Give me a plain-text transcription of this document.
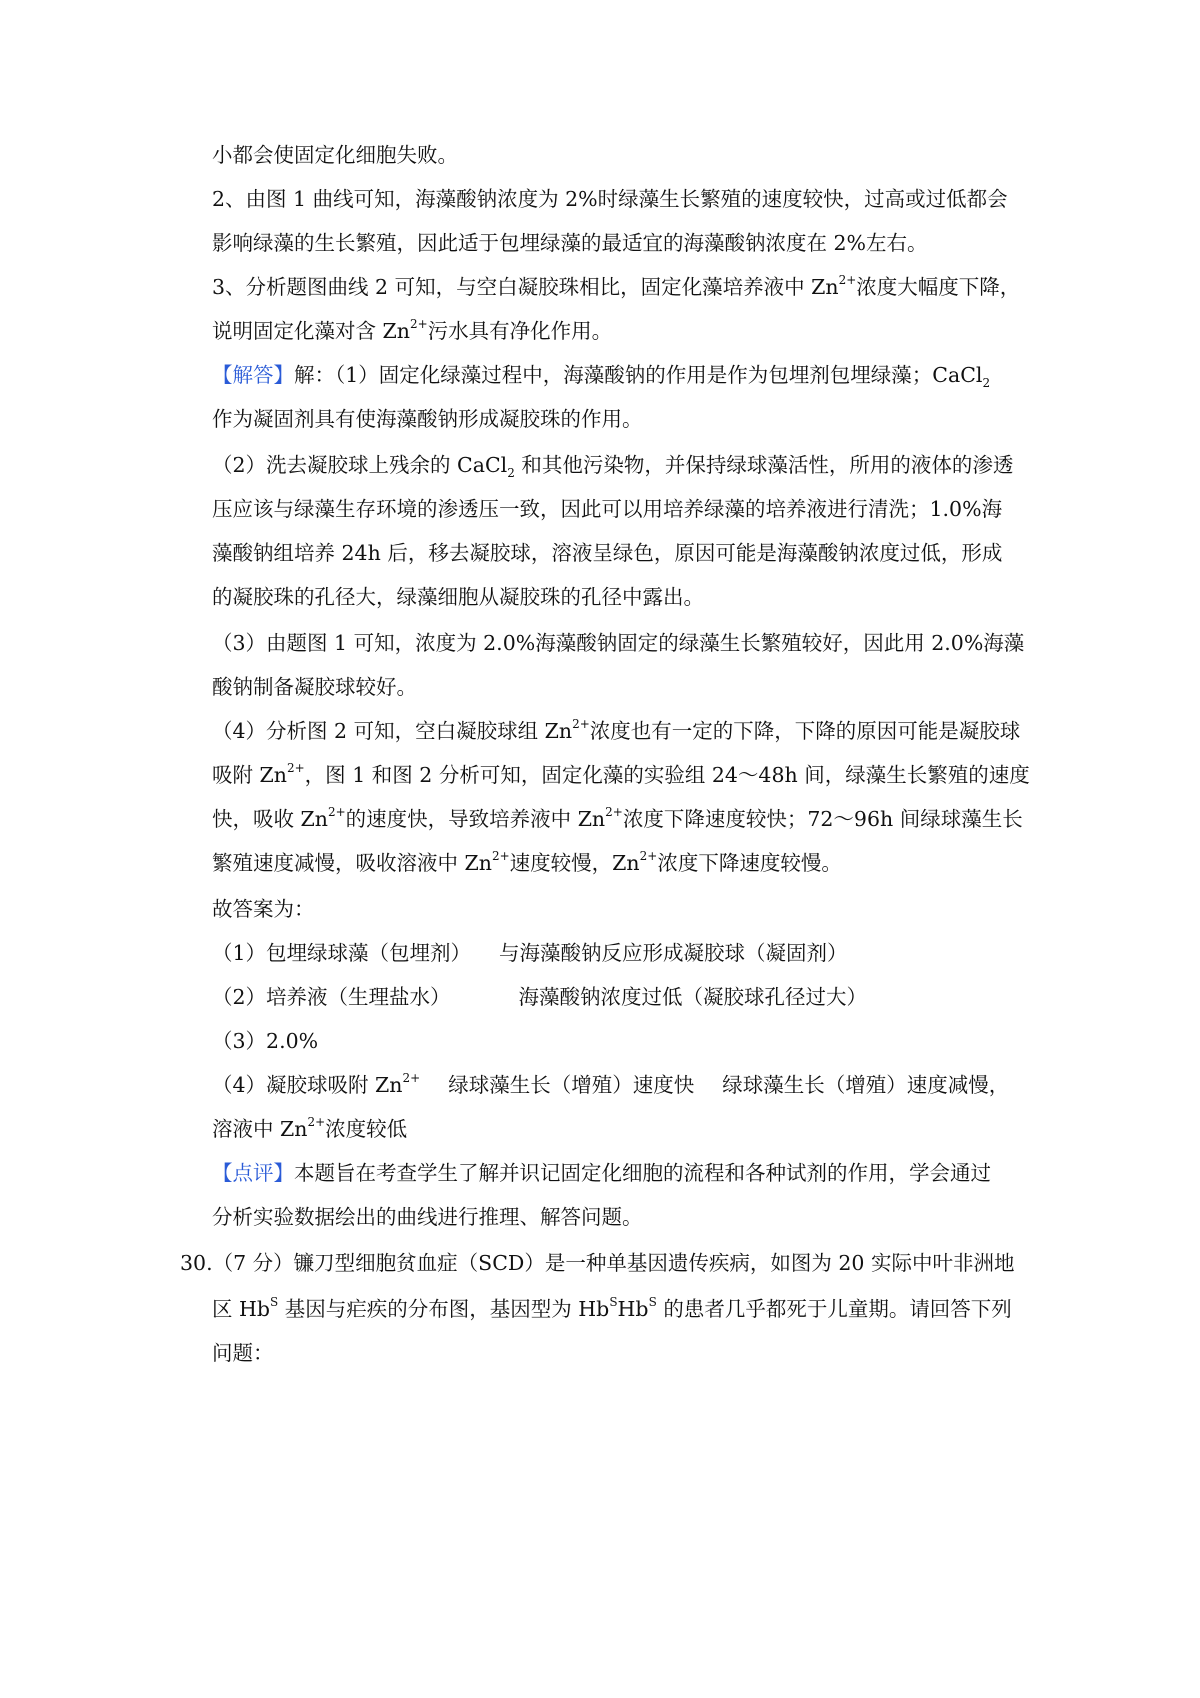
小都会使固定化细胞失败。
2、由图 1 曲线可知，海藻酸钠浓度为 2%时绿藻生长繁殖的速度较快，过高或过低都会
影响绿藻的生长繁殖，因此适于包埋绿藻的最适宜的海藻酸钠浓度在 2%左右。
3、分析题图曲线 2 可知，与空白凝胶珠相比，固定化藻培养液中 $Zn^{2+}$浓度大幅度下降，
说明固定化藻对含 $Zn^{2+}$污水具有净化作用。
【解答】解：（1）固定化绿藻过程中，海藻酸钠的作用是作为包埋剂包埋绿藻；CaCl$_2$
作为凝固剂具有使海藻酸钠形成凝胶珠的作用。
（2）洗去凝胶球上残余的 CaCl$_2$ 和其他污染物，并保持绿球藻活性，所用的液体的渗透
压应该与绿藻生存环境的渗透压一致，因此可以用培养绿藻的培养液进行清洗；1.0%海
藻酸钠组培养 24h 后，移去凝胶球，溶液呈绿色，原因可能是海藻酸钠浓度过低，形成
的凝胶珠的孔径大，绿藻细胞从凝胶珠的孔径中露出。
（3）由题图 1 可知，浓度为 2.0%海藻酸钠固定的绿藻生长繁殖较好，因此用 2.0%海藻
酸钠制备凝胶球较好。
（4）分析图 2 可知，空白凝胶球组 $Zn^{2+}$浓度也有一定的下降，下降的原因可能是凝胶球
吸附 $Zn^{2+}$，图 1 和图 2 分析可知，固定化藻的实验组 24～48h 间，绿藻生长繁殖的速度
快，吸收 $Zn^{2+}$的速度快，导致培养液中 $Zn^{2+}$浓度下降速度较快；72～96h 间绿球藻生长
繁殖速度减慢，吸收溶液中 $Zn^{2+}$速度较慢，$Zn^{2+}$浓度下降速度较慢。
故答案为：
（1）包埋绿球藻（包埋剂） 与海藻酸钠反应形成凝胶球（凝固剂）
（2）培养液（生理盐水）	海藻酸钠浓度过低（凝胶球孔径过大）
（3）2.0%
（4）凝胶球吸附 $Zn^{2+}$ 绿球藻生长（增殖）速度快 绿球藻生长（增殖）速度减慢，
溶液中 $Zn^{2+}$浓度较低
【点评】本题旨在考查学生了解并识记固定化细胞的流程和各种试剂的作用，学会通过
分析实验数据绘出的曲线进行推理、解答问题。
30.（7 分）镰刀型细胞贫血症（SCD）是一种单基因遗传疾病，如图为 20 实际中叶非洲地
区 $Hb^S$ 基因与疟疾的分布图，基因型为 $Hb^SHb^S$ 的患者几乎都死于儿童期。请回答下列
问题：
